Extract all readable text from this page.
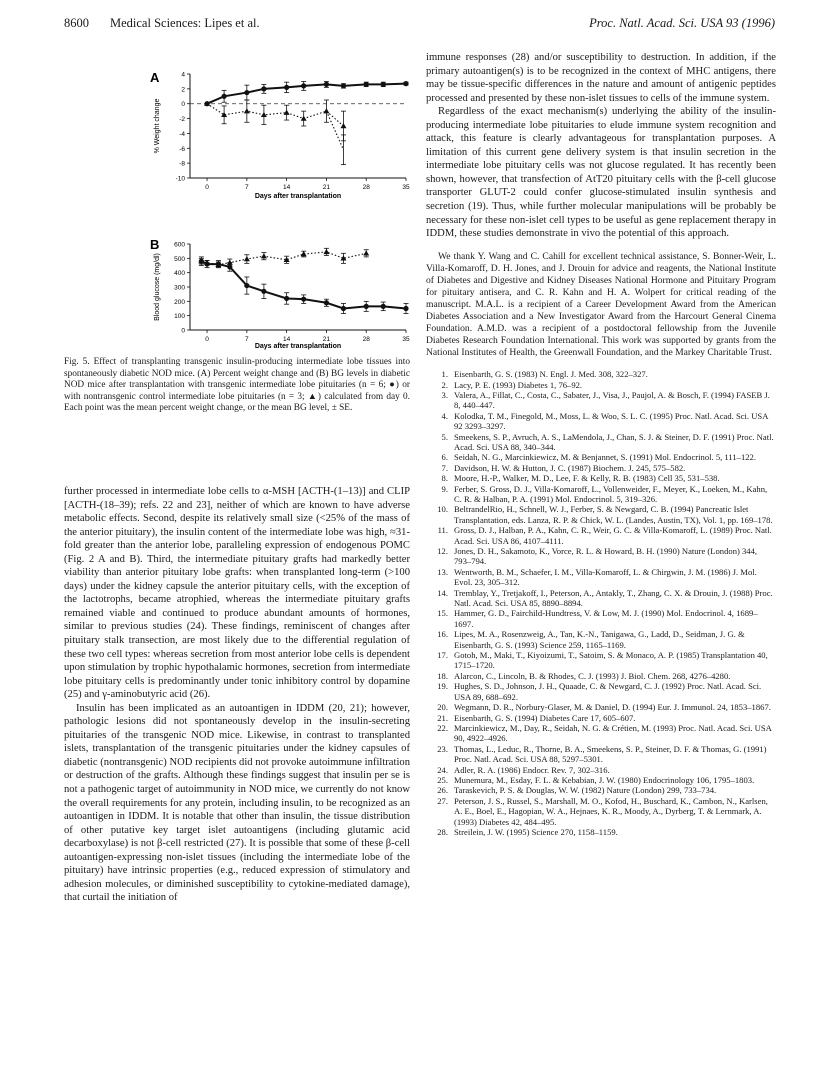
8600 Medical Sciences: Lipes et al.	Proc. Natl. Acad. Sci. USA 93 (1996)
A
B
% Weight change
Blood glucose (mg/dl)
Days after transplantation
Days after transplantation
4
2
0
-2
-4
-6
-8
-10
0	7	14	21	28	35
600
500
400
300
200
100
0
0	7	14	21	28	35
Fig. 5. Effect of transplanting transgenic insulin-producing intermediate lobe tissues into spontaneously diabetic NOD mice. (A) Percent weight change and (B) BG levels in diabetic NOD mice after transplantation with transgenic intermediate lobe pituitaries (n = 6; ●) or with nontransgenic control intermediate lobe pituitaries (n = 3; ▲) calculated from day 0. Each point was the mean percent weight change, or the mean BG level, ± SE.

further processed in intermediate lobe cells to α-MSH [ACTH-(1–13)] and CLIP [ACTH-(18–39); refs. 22 and 23], neither of which are known to have adverse metabolic effects. Second, despite its relatively small size (<25% of the mass of the anterior pituitary), the insulin content of the intermediate lobe was high, ≈31-fold greater than the anterior lobe, paralleling expression of endogenous POMC (Fig. 2 A and B). Third, the intermediate pituitary grafts had markedly better viability than anterior pituitary lobe grafts: when transplanted long-term (>100 days) under the kidney capsule the anterior pituitary cells, with the exception of the lactotrophs, became atrophied, whereas the intermediate pituitary grafts remained viable and continued to produce abundant amounts of hormones, similar to previous studies (24). These findings, reminiscent of changes after pituitary stalk transection, are most likely due to the differential regulation of these two cell types: whereas secretion from most anterior lobe cells is dependent upon stimulation by trophic hypothalamic hormones, secretion from intermediate lobe pituitary cells is predominantly under tonic inhibitory control by dopamine (25) and γ-aminobutyric acid (26).

Insulin has been implicated as an autoantigen in IDDM (20, 21); however, pathologic lesions did not spontaneously develop in the insulin-secreting pituitaries of the transgenic NOD mice. Likewise, in contrast to transplanted islets, transplantation of the transgenic pituitaries under the kidney capsules of diabetic (nontransgenic) NOD recipients did not provoke autoimmune infiltration or destruction of the grafts. Although these findings suggest that insulin per se is not a pathogenic target of autoimmunity in NOD mice, we currently do not know the overall requirements for any protein, including insulin, to be recognized as an autoantigen in IDDM. It is notable that other than insulin, the tissue distribution of other putative key target islet autoantigens (including glutamic acid decarboxylase) is not β-cell restricted (27). It is possible that some of these β-cell autoantigen-expressing non-islet tissues (including the intermediate lobe of the pituitary) have intrinsic properties (e.g., reduced expression of stimulatory and adhesion molecules, or diminished susceptibility to cytokine-mediated damage), that curtail the initiation of

immune responses (28) and/or susceptibility to destruction. In addition, if the primary autoantigen(s) is to be recognized in the context of MHC antigens, there may be tissue-specific differences in the nature and amount of antigenic peptides processed and presented by these non-islet tissues to cells of the immune system.

Regardless of the exact mechanism(s) underlying the ability of the insulin-producing intermediate lobe pituitaries to elude immune system recognition and attack, this feature is clearly advantageous for transplantation purposes. A limitation of this current gene delivery system is that insulin secretion in the intermediate lobe pituitary cells was not glucose regulated. It has recently been shown, however, that transfection of AtT20 pituitary cells with the β-cell glucose transporter GLUT-2 could confer glucose-stimulated insulin synthesis and secretion (19). Thus, while further molecular manipulations will be probably be necessary for these non-islet cell types to be useful as gene replacement therapy in IDDM, these studies demonstrate in vivo the potential of this approach.

We thank Y. Wang and C. Cahill for excellent technical assistance, S. Bonner-Weir, L. Villa-Komaroff, D. H. Jones, and J. Drouin for advice and reagents, the National Institute of Diabetes and Digestive and Kidney Diseases National Hormone and Pituitary Program for pituitary antisera, and C. R. Kahn and H. A. Wolpert for critical reading of the manuscript. M.A.L. is a recipient of a Career Development Award from the American Diabetes Association and a New Investigator Award from the Harcourt General Cinema Foundation. A.M.D. was a recipient of a postdoctoral fellowship from the Juvenile Diabetes Research Foundation International. This work was supported by grants from the National Institutes of Health, the Greenwall Foundation, and the Markey Charitable Trust.

1. Eisenbarth, G. S. (1983) N. Engl. J. Med. 308, 322–327.
2. Lacy, P. E. (1993) Diabetes 1, 76–92.
3. Valera, A., Fillat, C., Costa, C., Sabater, J., Visa, J., Paujol, A. & Bosch, F. (1994) FASEB J. 8, 440–447.
4. Kolodka, T. M., Finegold, M., Moss, L. & Woo, S. L. C. (1995) Proc. Natl. Acad. Sci. USA 92 3293–3297.
5. Smeekens, S. P., Avruch, A. S., LaMendola, J., Chan, S. J. & Steiner, D. F. (1991) Proc. Natl. Acad. Sci. USA 88, 340–344.
6. Seidah, N. G., Marcinkiewicz, M. & Benjannet, S. (1991) Mol. Endocrinol. 5, 111–122.
7. Davidson, H. W. & Hutton, J. C. (1987) Biochem. J. 245, 575–582.
8. Moore, H.-P., Walker, M. D., Lee, F. & Kelly, R. B. (1983) Cell 35, 531–538.
9. Ferber, S. Gross, D. J., Villa-Komaroff, L., Vollenweider, F., Meyer, K., Loeken, M., Kahn, C. R. & Halban, P. A. (1991) Mol. Endocrinol. 5, 319–326.
10. BeltrandelRio, H., Schnell, W. J., Ferber, S. & Newgard, C. B. (1994) Pancreatic Islet Transplantation, eds. Lanza, R. P. & Chick, W. L. (Landes, Austin, TX), Vol. 1, pp. 169–178.
11. Gross, D. J., Halban, P. A., Kahn, C. R., Weir, G. C. & Villa-Komaroff, L. (1989) Proc. Natl. Acad. Sci. USA 86, 4107–4111.
12. Jones, D. H., Sakamoto, K., Vorce, R. L. & Howard, B. H. (1990) Nature (London) 344, 793–794.
13. Wentworth, B. M., Schaefer, I. M., Villa-Komaroff, L. & Chirgwin, J. M. (1986) J. Mol. Evol. 23, 305–312.
14. Tremblay, Y., Tretjakoff, I., Peterson, A., Antakly, T., Zhang, C. X. & Drouin, J. (1988) Proc. Natl. Acad. Sci. USA 85, 8890–8894.
15. Hammer, G. D., Fairchild-Hundtress, V. & Low, M. J. (1990) Mol. Endocrinol. 4, 1689–1697.
16. Lipes, M. A., Rosenzweig, A., Tan, K.-N., Tanigawa, G., Ladd, D., Seidman, J. G. & Eisenbarth, G. S. (1993) Science 259, 1165–1169.
17. Gotoh, M., Maki, T., Kiyoizumi, T., Satoim, S. & Monaco, A. P. (1985) Transplantation 40, 1715–1720.
18. Alarcon, C., Lincoln, B. & Rhodes, C. J. (1993) J. Biol. Chem. 268, 4276–4280.
19. Hughes, S. D., Johnson, J. H., Quaade, C. & Newgard, C. J. (1992) Proc. Natl. Acad. Sci. USA 89, 688–692.
20. Wegmann, D. R., Norbury-Glaser, M. & Daniel, D. (1994) Eur. J. Immunol. 24, 1853–1867.
21. Eisenbarth, G. S. (1994) Diabetes Care 17, 605–607.
22. Marcinkiewicz, M., Day, R., Seidah, N. G. & Crétien, M. (1993) Proc. Natl. Acad. Sci. USA 90, 4922–4926.
23. Thomas, L., Leduc, R., Thorne, B. A., Smeekens, S. P., Steiner, D. F. & Thomas, G. (1991) Proc. Natl. Acad. Sci. USA 88, 5297–5301.
24. Adler, R. A. (1986) Endocr. Rev. 7, 302–316.
25. Munemura, M., Esday, F. L. & Kebabian, J. W. (1980) Endocrinology 106, 1795–1803.
26. Taraskevich, P. S. & Douglas, W. W. (1982) Nature (London) 299, 733–734.
27. Peterson, J. S., Russel, S., Marshall, M. O., Kofod, H., Buschard, K., Cambon, N., Karlsen, A. E., Boel, E., Hagopian, W. A., Hejnaes, K. R., Moody, A., Dyrberg, T. & Lernmark, A. (1993) Diabetes 42, 484–495.
28. Streilein, J. W. (1995) Science 270, 1158–1159.
